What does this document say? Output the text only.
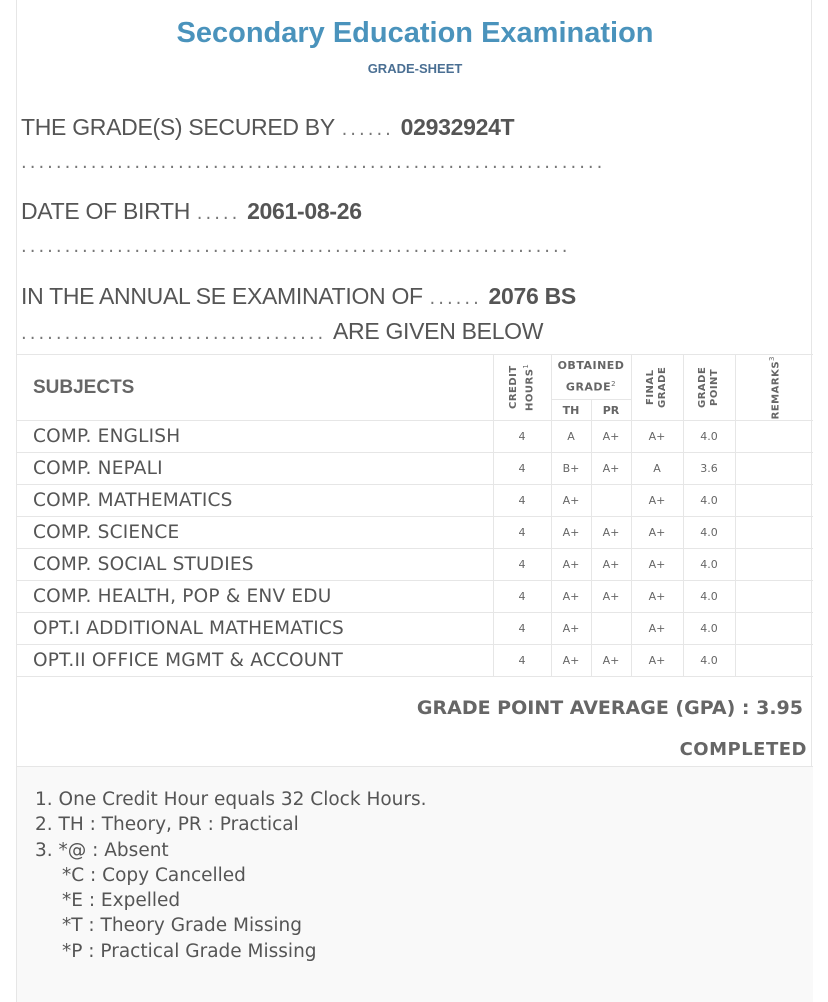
Secondary Education Examination
GRADE-SHEET
THE GRADE(S) SECURED BY ...... 02932924T ...................................................................
DATE OF BIRTH ..... 2061-08-26 ...............................................................
IN THE ANNUAL SE EXAMINATION OF ...... 2076 BS ................................... ARE GIVEN BELOW
SUBJECTS	CREDIT HOURS$^1$	OBTAINED GRADE$^2$		FINAL GRADE	GRADE POINT	REMARKS$^3$

		TH	PR			
COMP. ENGLISH	4	A	A+	A+	4.0	
COMP. NEPALI	4	B+	A+	A	3.6	
COMP. MATHEMATICS	4	A+		A+	4.0	
COMP. SCIENCE	4	A+	A+	A+	4.0	
COMP. SOCIAL STUDIES	4	A+	A+	A+	4.0	
COMP. HEALTH, POP & ENV EDU	4	A+	A+	A+	4.0	
OPT.I ADDITIONAL MATHEMATICS	4	A+		A+	4.0	
OPT.II OFFICE MGMT & ACCOUNT	4	A+	A+	A+	4.0	
GRADE POINT AVERAGE (GPA) : 3.95
COMPLETED
1. One Credit Hour equals 32 Clock Hours.
2. TH : Theory, PR : Practical
3. *@ : Absent
*C : Copy Cancelled
*E : Expelled
*T : Theory Grade Missing
*P : Practical Grade Missing
